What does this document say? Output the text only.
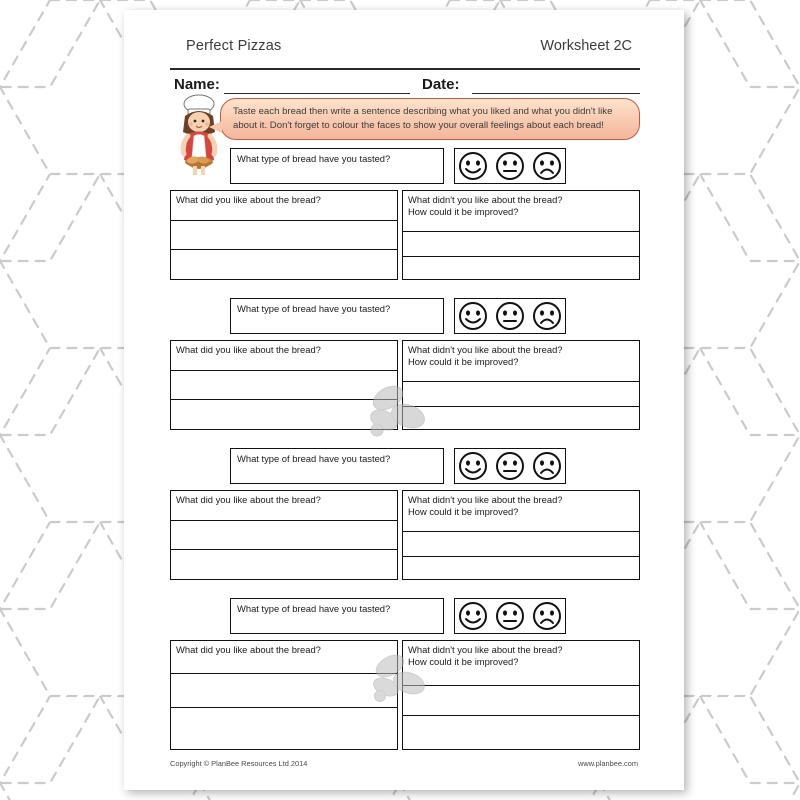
Perfect Pizzas	Worksheet 2C
Name:	Date:
Taste each bread then write a sentence describing what you liked and what you didn't like about it. Don't forget to colour the faces to show your overall feelings about each bread!
What type of bread have you tasted?
What did you like about the bread?	What didn't you like about the bread?
How could it be improved?
What type of bread have you tasted?
What did you like about the bread?	What didn't you like about the bread?
How could it be improved?
What type of bread have you tasted?
What did you like about the bread?	What didn't you like about the bread?
How could it be improved?
What type of bread have you tasted?
What did you like about the bread?	What didn't you like about the bread?
How could it be improved?
Copyright © PlanBee Resources Ltd 2014	www.planbee.com
